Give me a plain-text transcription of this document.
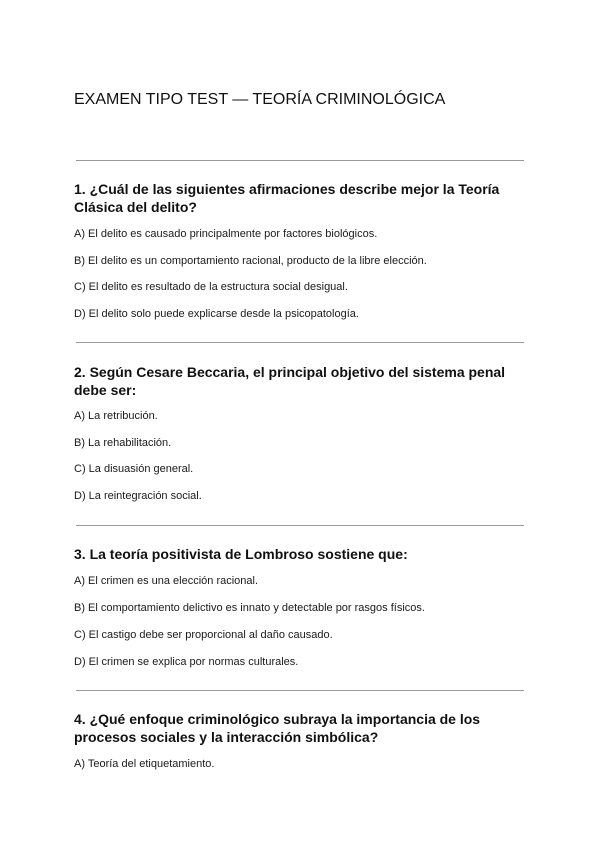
EXAMEN TIPO TEST — TEORÍA CRIMINOLÓGICA

1. ¿Cuál de las siguientes afirmaciones describe mejor la Teoría Clásica del delito?

A) El delito es causado principalmente por factores biológicos.

B) El delito es un comportamiento racional, producto de la libre elección.

C) El delito es resultado de la estructura social desigual.

D) El delito solo puede explicarse desde la psicopatología.

2. Según Cesare Beccaria, el principal objetivo del sistema penal debe ser:

A) La retribución.

B) La rehabilitación.

C) La disuasión general.

D) La reintegración social.

3. La teoría positivista de Lombroso sostiene que:

A) El crimen es una elección racional.

B) El comportamiento delictivo es innato y detectable por rasgos físicos.

C) El castigo debe ser proporcional al daño causado.

D) El crimen se explica por normas culturales.

4. ¿Qué enfoque criminológico subraya la importancia de los procesos sociales y la interacción simbólica?

A) Teoría del etiquetamiento.
